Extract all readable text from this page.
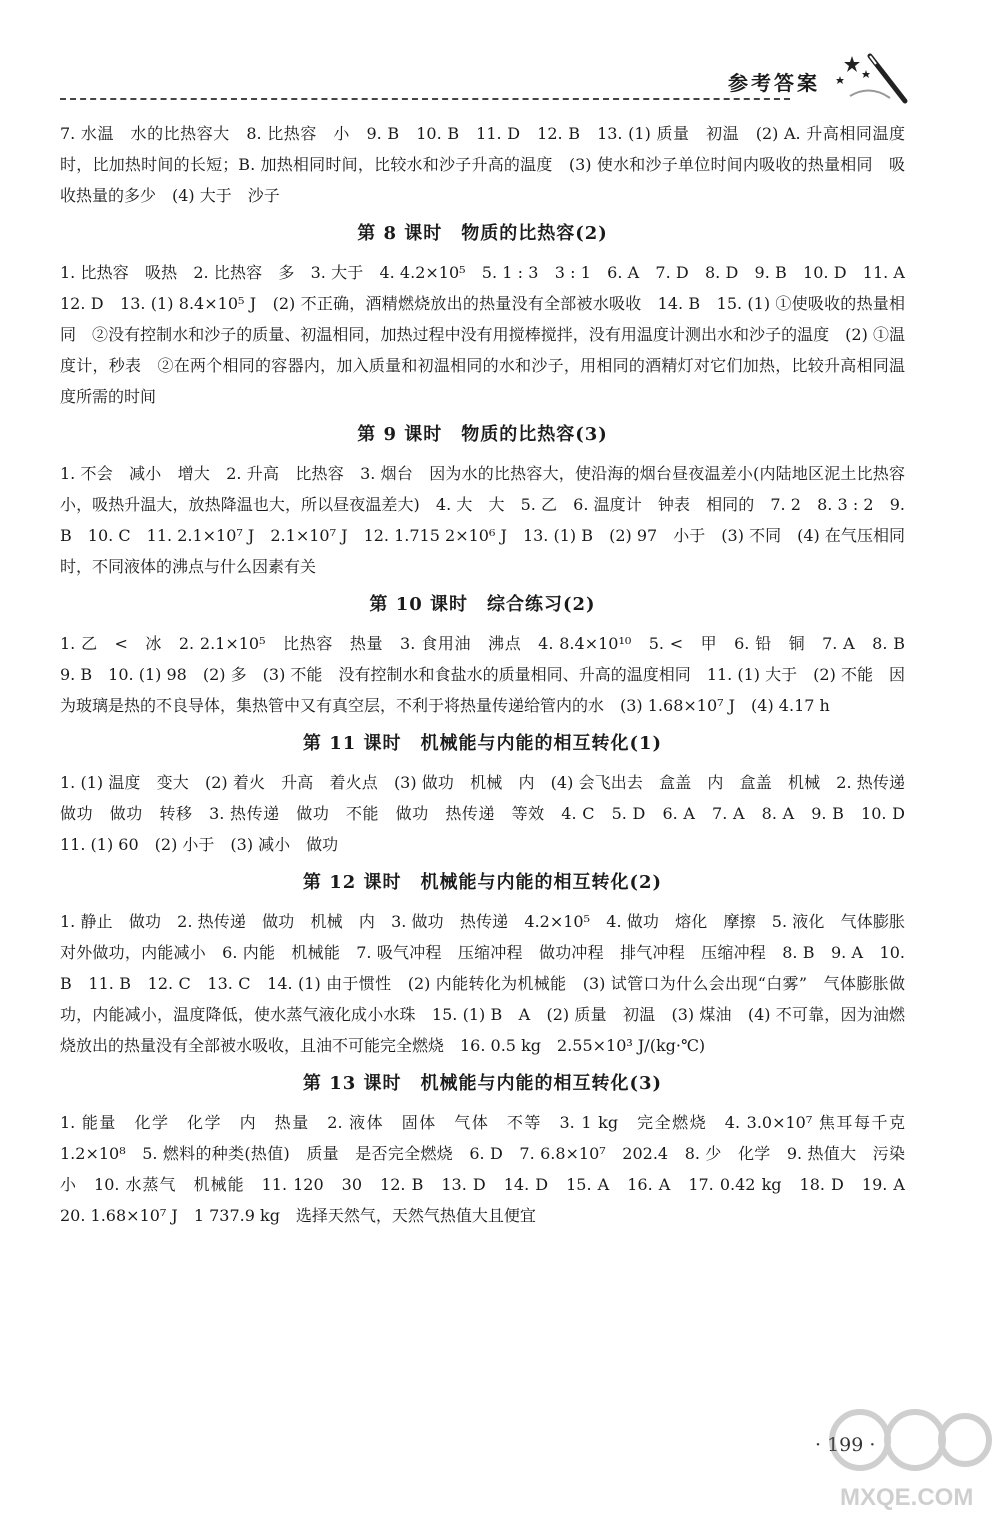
参考答案

7. 水温　水的比热容大　8. 比热容　小　9. B　10. B　11. D　12. B　13. (1) 质量　初温　(2) A. 升高相同温度时，比加热时间的长短；B. 加热相同时间，比较水和沙子升高的温度　(3) 使水和沙子单位时间内吸收的热量相同　吸收热量的多少　(4) 大于　沙子

第 8 课时　物质的比热容(2)

1. 比热容　吸热　2. 比热容　多　3. 大于　4. 4.2×10⁵　5. 1 : 3　3 : 1　6. A　7. D　8. D　9. B　10. D　11. A　12. D　13. (1) 8.4×10⁵ J　(2) 不正确，酒精燃烧放出的热量没有全部被水吸收　14. B　15. (1) ①使吸收的热量相同　②没有控制水和沙子的质量、初温相同，加热过程中没有用搅棒搅拌，没有用温度计测出水和沙子的温度　(2) ①温度计，秒表　②在两个相同的容器内，加入质量和初温相同的水和沙子，用相同的酒精灯对它们加热，比较升高相同温度所需的时间

第 9 课时　物质的比热容(3)

1. 不会　减小　增大　2. 升高　比热容　3. 烟台　因为水的比热容大，使沿海的烟台昼夜温差小(内陆地区泥土比热容小，吸热升温大，放热降温也大，所以昼夜温差大)　4. 大　大　5. 乙　6. 温度计　钟表　相同的　7. 2　8. 3 : 2　9. B　10. C　11. 2.1×10⁷ J　2.1×10⁷ J　12. 1.715 2×10⁶ J　13. (1) B　(2) 97　小于　(3) 不同　(4) 在气压相同时，不同液体的沸点与什么因素有关

第 10 课时　综合练习(2)

1. 乙　<　冰　2. 2.1×10⁵　比热容　热量　3. 食用油　沸点　4. 8.4×10¹⁰　5. <　甲　6. 铅　铜　7. A　8. B　9. B　10. (1) 98　(2) 多　(3) 不能　没有控制水和食盐水的质量相同、升高的温度相同　11. (1) 大于　(2) 不能　因为玻璃是热的不良导体，集热管中又有真空层，不利于将热量传递给管内的水　(3) 1.68×10⁷ J　(4) 4.17 h

第 11 课时　机械能与内能的相互转化(1)

1. (1) 温度　变大　(2) 着火　升高　着火点　(3) 做功　机械　内　(4) 会飞出去　盒盖　内　盒盖　机械　2. 热传递　做功　做功　转移　3. 热传递　做功　不能　做功　热传递　等效　4. C　5. D　6. A　7. A　8. A　9. B　10. D　11. (1) 60　(2) 小于　(3) 减小　做功

第 12 课时　机械能与内能的相互转化(2)

1. 静止　做功　2. 热传递　做功　机械　内　3. 做功　热传递　4.2×10⁵　4. 做功　熔化　摩擦　5. 液化　气体膨胀对外做功，内能减小　6. 内能　机械能　7. 吸气冲程　压缩冲程　做功冲程　排气冲程　压缩冲程　8. B　9. A　10. B　11. B　12. C　13. C　14. (1) 由于惯性　(2) 内能转化为机械能　(3) 试管口为什么会出现“白雾”　气体膨胀做功，内能减小，温度降低，使水蒸气液化成小水珠　15. (1) B　A　(2) 质量　初温　(3) 煤油　(4) 不可靠，因为油燃烧放出的热量没有全部被水吸收，且油不可能完全燃烧　16. 0.5 kg　2.55×10³ J/(kg·℃)

第 13 课时　机械能与内能的相互转化(3)

1. 能量　化学　化学　内　热量　2. 液体　固体　气体　不等　3. 1 kg　完全燃烧　4. 3.0×10⁷ 焦耳每千克　1.2×10⁸　5. 燃料的种类(热值)　质量　是否完全燃烧　6. D　7. 6.8×10⁷　202.4　8. 少　化学　9. 热值大　污染小　10. 水蒸气　机械能　11. 120　30　12. B　13. D　14. D　15. A　16. A　17. 0.42 kg　18. D　19. A　20. 1.68×10⁷ J　1 737.9 kg　选择天然气，天然气热值大且便宜

· 199 ·
MXQE.COM
